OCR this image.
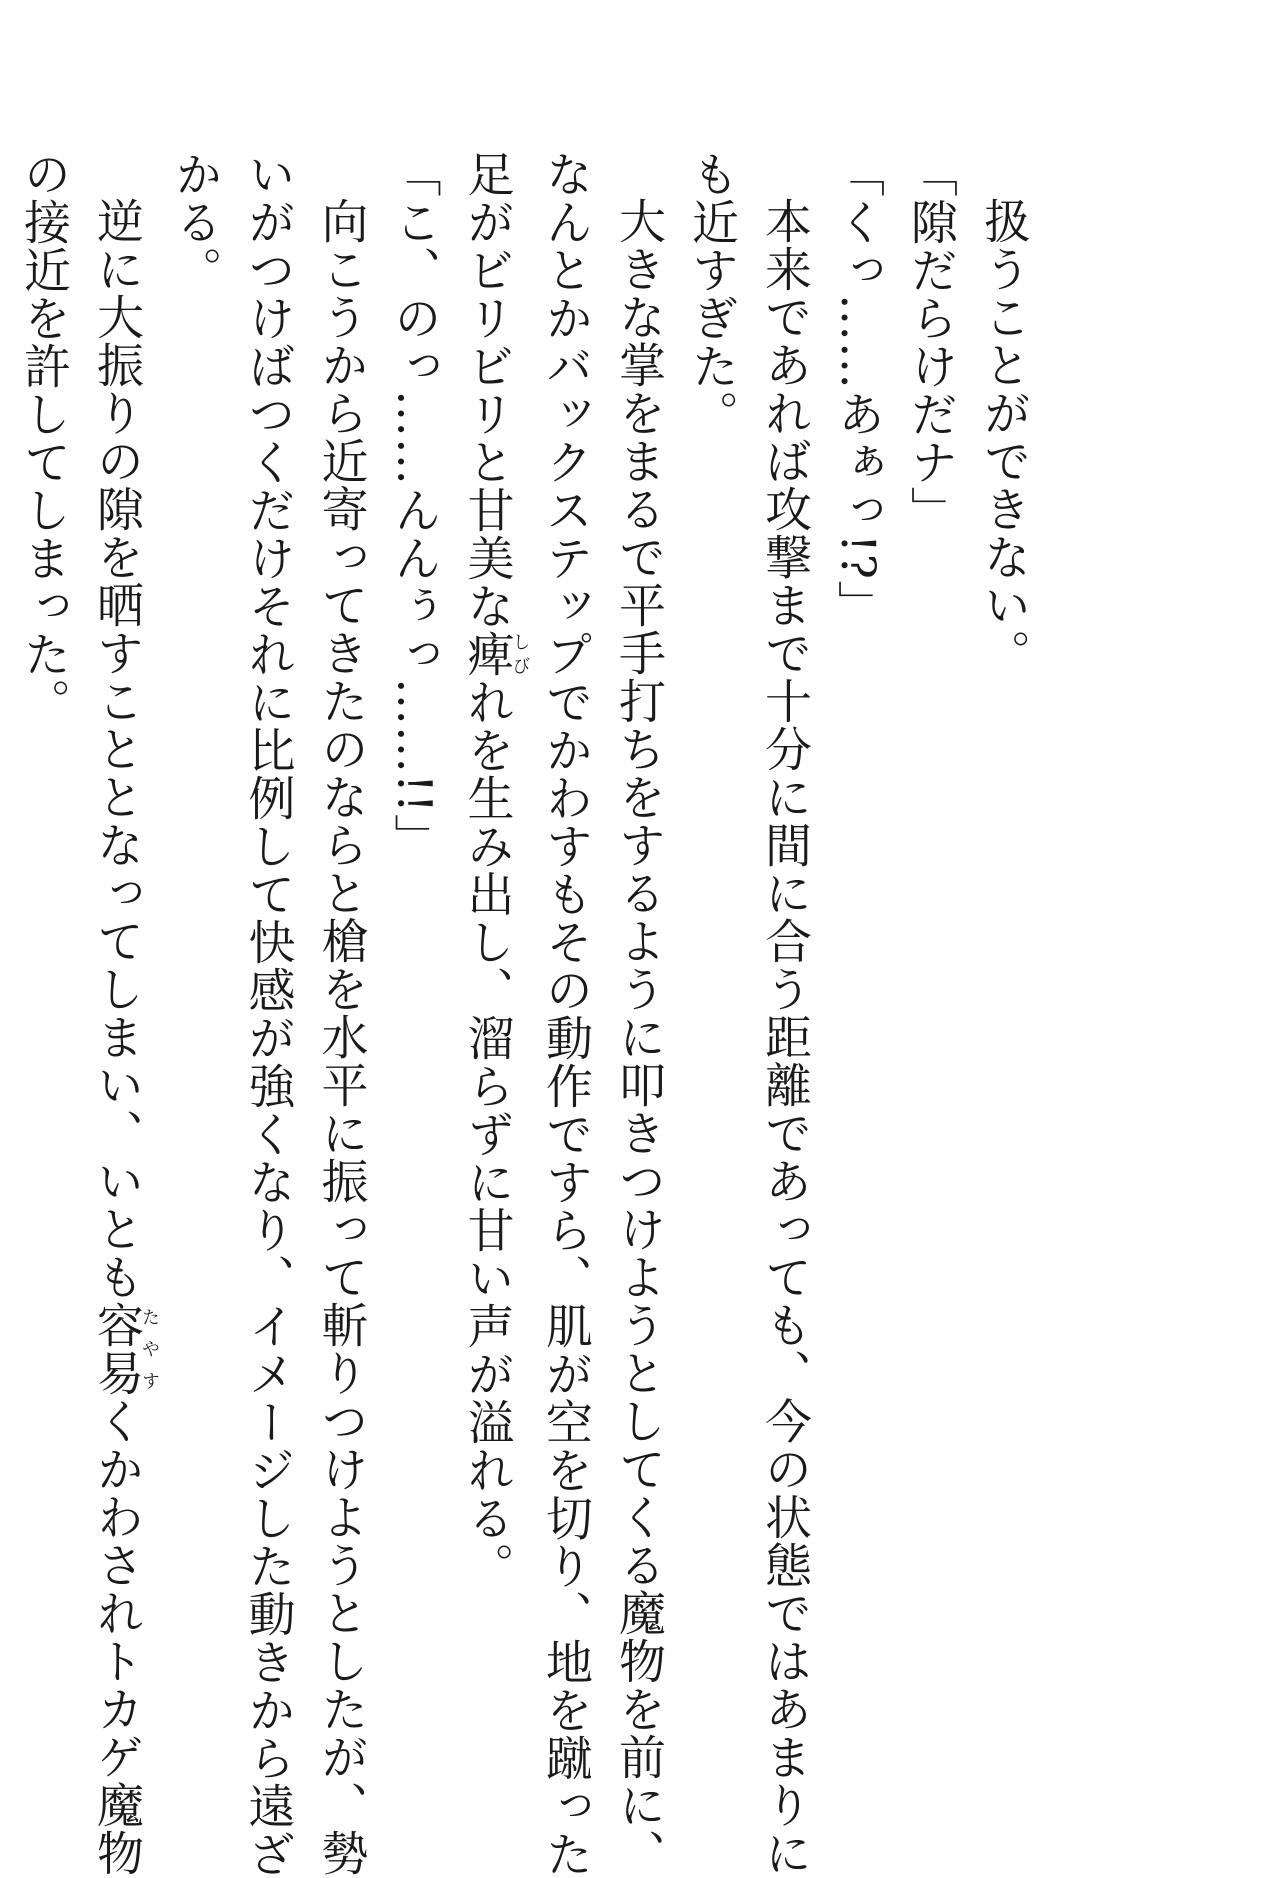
扱うことができない。
「隙だらけだナ」
「くっ……あぁっ!?」
本来であれば攻撃まで十分に間に合う距離であっても、今の状態ではあまりに
も近すぎた。
大きな掌をまるで平手打ちをするように叩きつけようとしてくる魔物を前に、
なんとかバックステップでかわすもその動作ですら、肌が空を切り、地を蹴った
足がビリビリと甘美な痺しびれを生み出し、溜らずに甘い声が溢れる。
「こ、のっ……んんぅっ……!!」
向こうから近寄ってきたのならと槍を水平に振って斬りつけようとしたが、勢
いがつけばつくだけそれに比例して快感が強くなり、イメージした動きから遠ざ
かる。
逆に大振りの隙を晒すこととなってしまい、いとも容易たやすくかわされトカゲ魔物
の接近を許してしまった。
